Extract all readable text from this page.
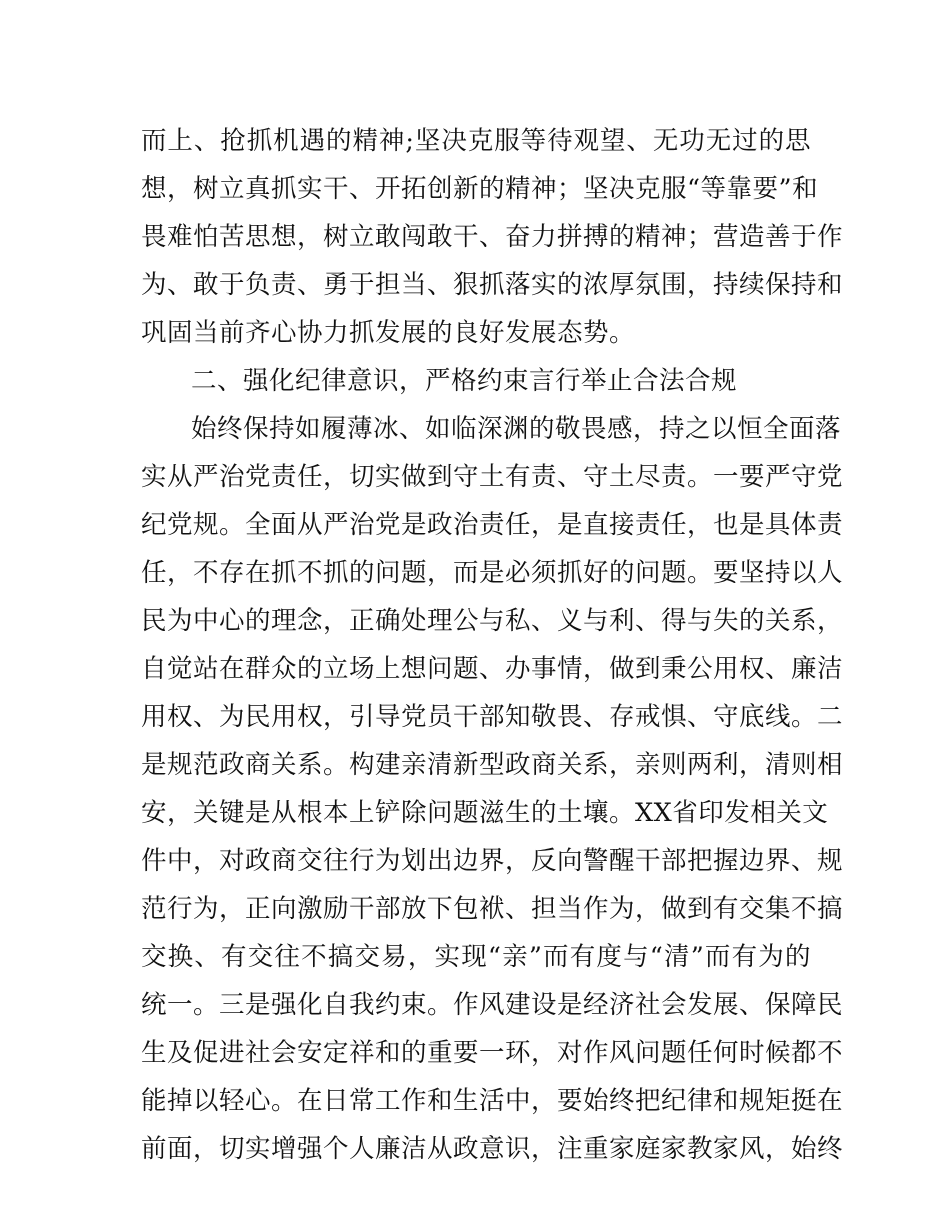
而上、抢抓机遇的精神;坚决克服等待观望、无功无过的思
想，树立真抓实干、开拓创新的精神；坚决克服“等靠要”和
畏难怕苦思想，树立敢闯敢干、奋力拼搏的精神；营造善于作
为、敢于负责、勇于担当、狠抓落实的浓厚氛围，持续保持和
巩固当前齐心协力抓发展的良好发展态势。
二、强化纪律意识，严格约束言行举止合法合规
始终保持如履薄冰、如临深渊的敬畏感，持之以恒全面落
实从严治党责任，切实做到守土有责、守土尽责。一要严守党
纪党规。全面从严治党是政治责任，是直接责任，也是具体责
任，不存在抓不抓的问题，而是必须抓好的问题。要坚持以人
民为中心的理念，正确处理公与私、义与利、得与失的关系，
自觉站在群众的立场上想问题、办事情，做到秉公用权、廉洁
用权、为民用权，引导党员干部知敬畏、存戒惧、守底线。二
是规范政商关系。构建亲清新型政商关系，亲则两利，清则相
安，关键是从根本上铲除问题滋生的土壤。XX省印发相关文
件中，对政商交往行为划出边界，反向警醒干部把握边界、规
范行为，正向激励干部放下包袱、担当作为，做到有交集不搞
交换、有交往不搞交易，实现“亲”而有度与“清”而有为的
统一。三是强化自我约束。作风建设是经济社会发展、保障民
生及促进社会安定祥和的重要一环，对作风问题任何时候都不
能掉以轻心。在日常工作和生活中，要始终把纪律和规矩挺在
前面，切实增强个人廉洁从政意识，注重家庭家教家风，始终
